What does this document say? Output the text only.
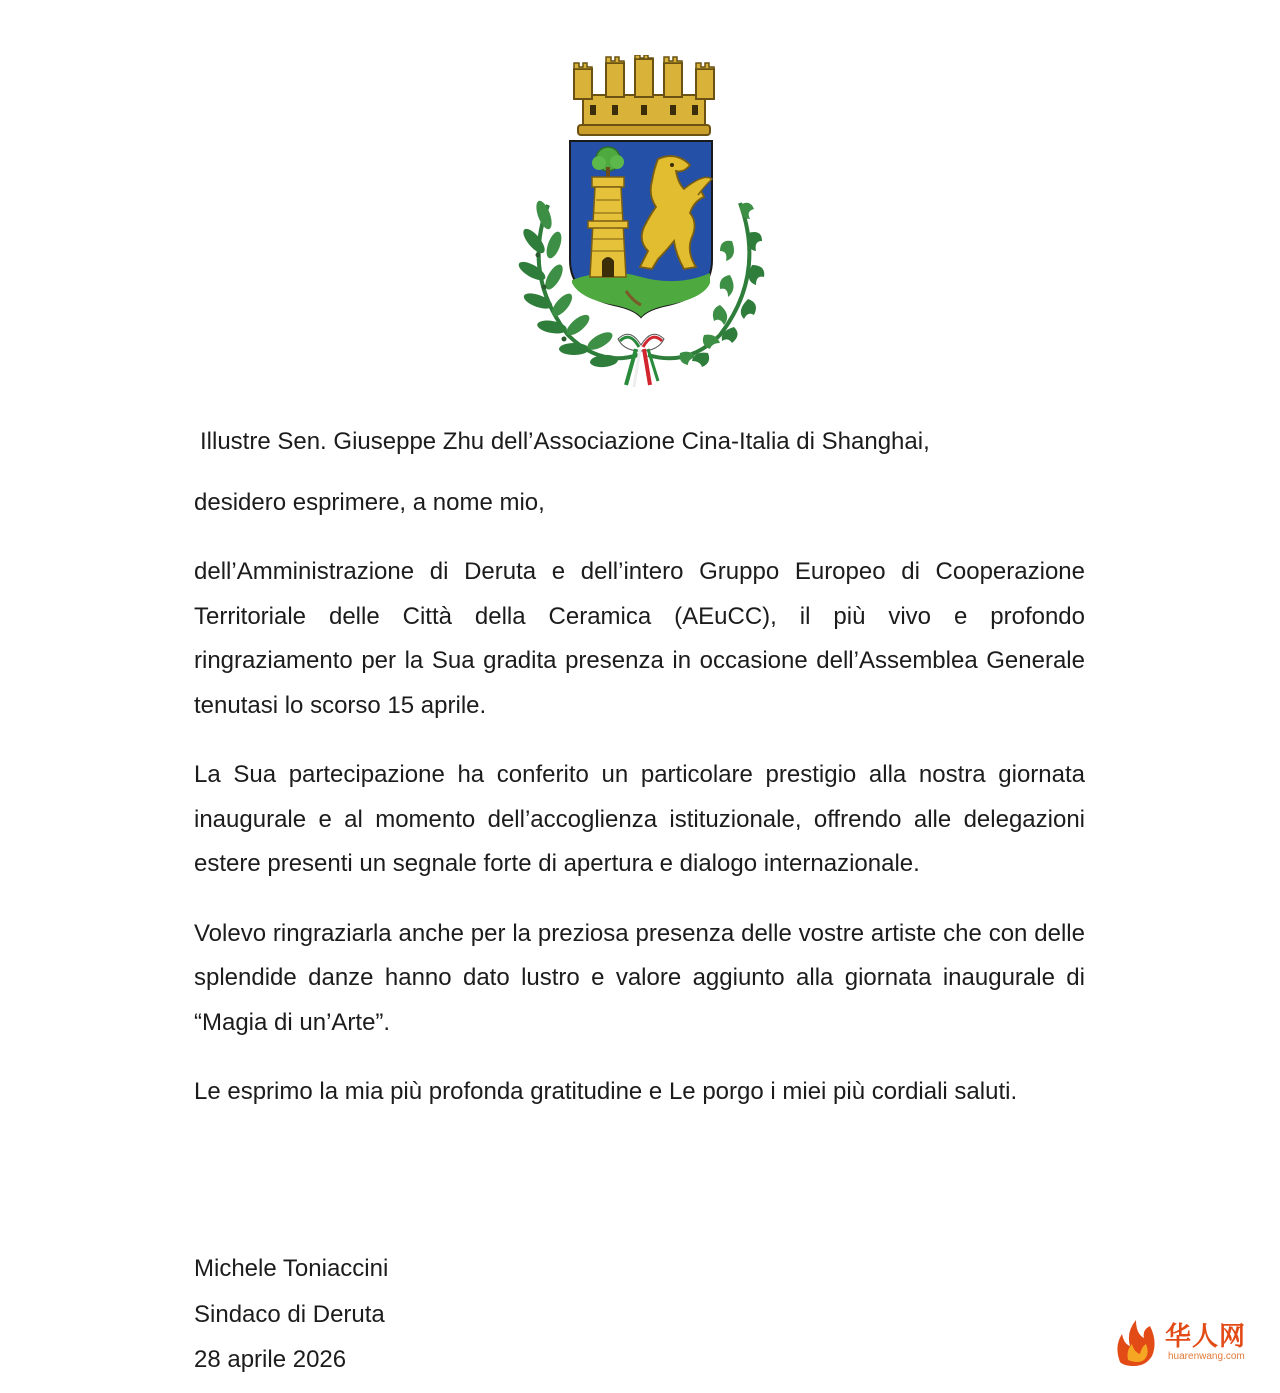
Illustre Sen. Giuseppe Zhu dell’Associazione Cina-Italia di Shanghai,

desidero esprimere, a nome mio,

dell’Amministrazione di Deruta e dell’intero Gruppo Europeo di Cooperazione Territoriale delle Città della Ceramica (AEuCC), il più vivo e profondo ringraziamento per la Sua gradita presenza in occasione dell’Assemblea Generale tenutasi lo scorso 15 aprile.

La Sua partecipazione ha conferito un particolare prestigio alla nostra giornata inaugurale e al momento dell’accoglienza istituzionale, offrendo alle delegazioni estere presenti un segnale forte di apertura e dialogo internazionale.

Volevo ringraziarla anche per la preziosa presenza delle vostre artiste che con delle splendide danze hanno dato lustro e valore aggiunto alla giornata inaugurale di “Magia di un’Arte”.

Le esprimo la mia più profonda gratitudine e Le porgo i miei più cordiali saluti.

Michele Toniaccini
Sindaco di Deruta
28 aprile 2026
华人网
huarenwang.com
